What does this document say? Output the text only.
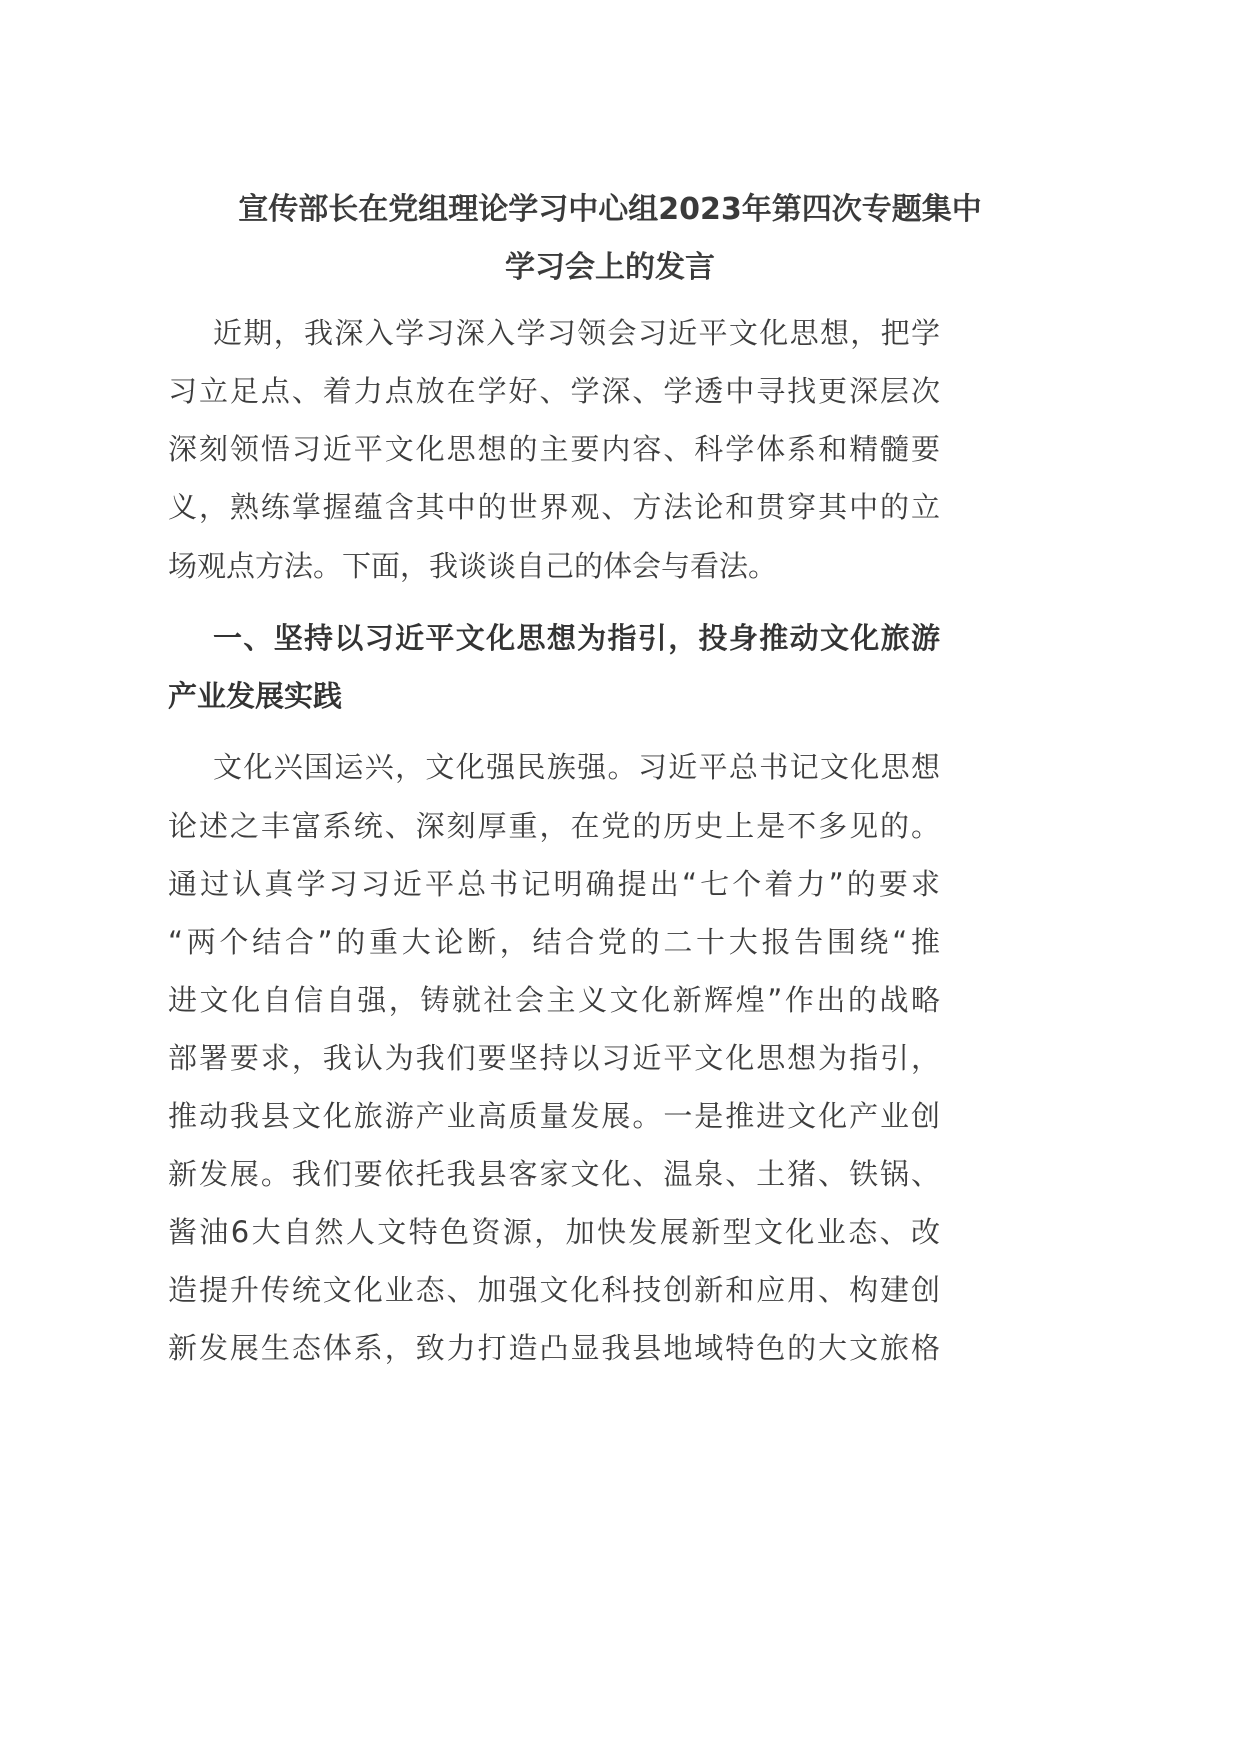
宣传部长在党组理论学习中心组2023年第四次专题集中
学习会上的发言
近期，我深入学习深入学习领会习近平文化思想，把学
习立足点、着力点放在学好、学深、学透中寻找更深层次
深刻领悟习近平文化思想的主要内容、科学体系和精髓要
义，熟练掌握蕴含其中的世界观、方法论和贯穿其中的立
场观点方法。下面，我谈谈自己的体会与看法。
一、坚持以习近平文化思想为指引，投身推动文化旅游
产业发展实践
文化兴国运兴，文化强民族强。习近平总书记文化思想
论述之丰富系统、深刻厚重，在党的历史上是不多见的。
通过认真学习习近平总书记明确提出“七个着力”的要求
“两个结合”的重大论断，结合党的二十大报告围绕“推
进文化自信自强，铸就社会主义文化新辉煌”作出的战略
部署要求，我认为我们要坚持以习近平文化思想为指引，
推动我县文化旅游产业高质量发展。一是推进文化产业创
新发展。我们要依托我县客家文化、温泉、土猪、铁锅、
酱油6大自然人文特色资源，加快发展新型文化业态、改
造提升传统文化业态、加强文化科技创新和应用、构建创
新发展生态体系，致力打造凸显我县地域特色的大文旅格
